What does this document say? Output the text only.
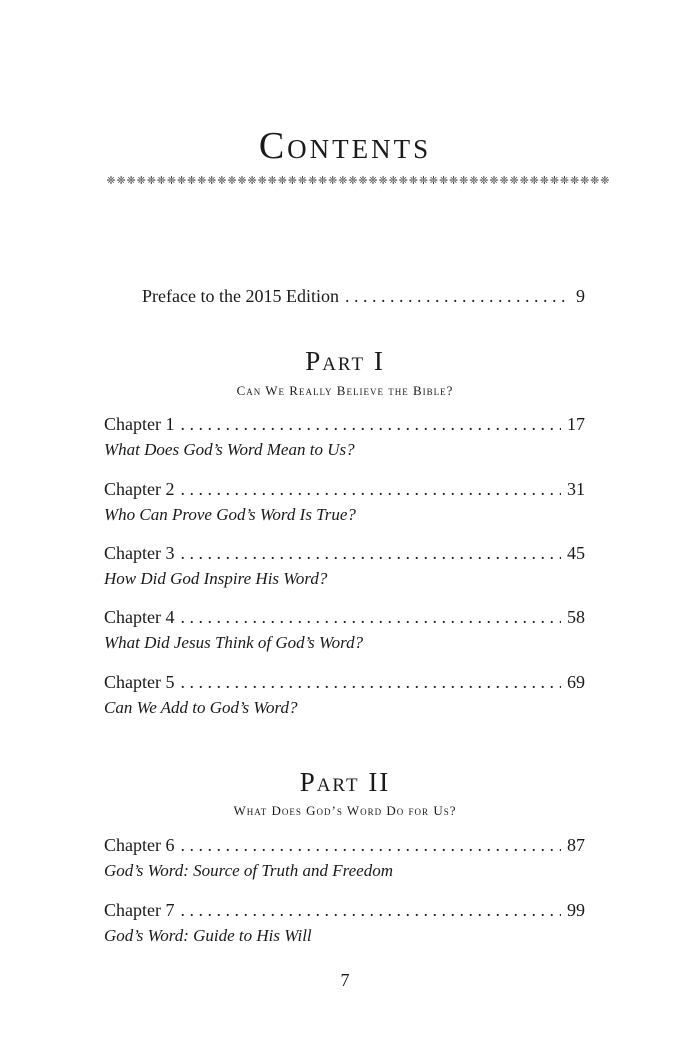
Contents
❈ ❈ ❈ ❈ ❈ ❈ ❈ ❈ ❈ ❈ ❈ ❈ ❈ ❈ ❈ ❈ ❈ ❈ ❈ ❈ ❈ ❈ ❈ ❈ ❈ ❈ ❈ ❈ ❈ ❈ ❈ ❈ ❈ ❈ ❈ ❈ ❈ ❈ ❈ ❈ ❈ ❈ ❈ ❈ ❈ ❈ ❈ ❈ ❈ ❈
Preface to the 2015 Edition . . .	9
Part I
Can We Really Believe the Bible?
Chapter 1 . . .	17
What Does God’s Word Mean to Us?
Chapter 2 . . .	31
Who Can Prove God’s Word Is True?
Chapter 3 . . .	45
How Did God Inspire His Word?
Chapter 4 . . .	58
What Did Jesus Think of God’s Word?
Chapter 5 . . .	69
Can We Add to God’s Word?
Part II
What Does God’s Word Do for Us?
Chapter 6 . . .	87
God’s Word: Source of Truth and Freedom
Chapter 7 . . .	99
God’s Word: Guide to His Will
7
